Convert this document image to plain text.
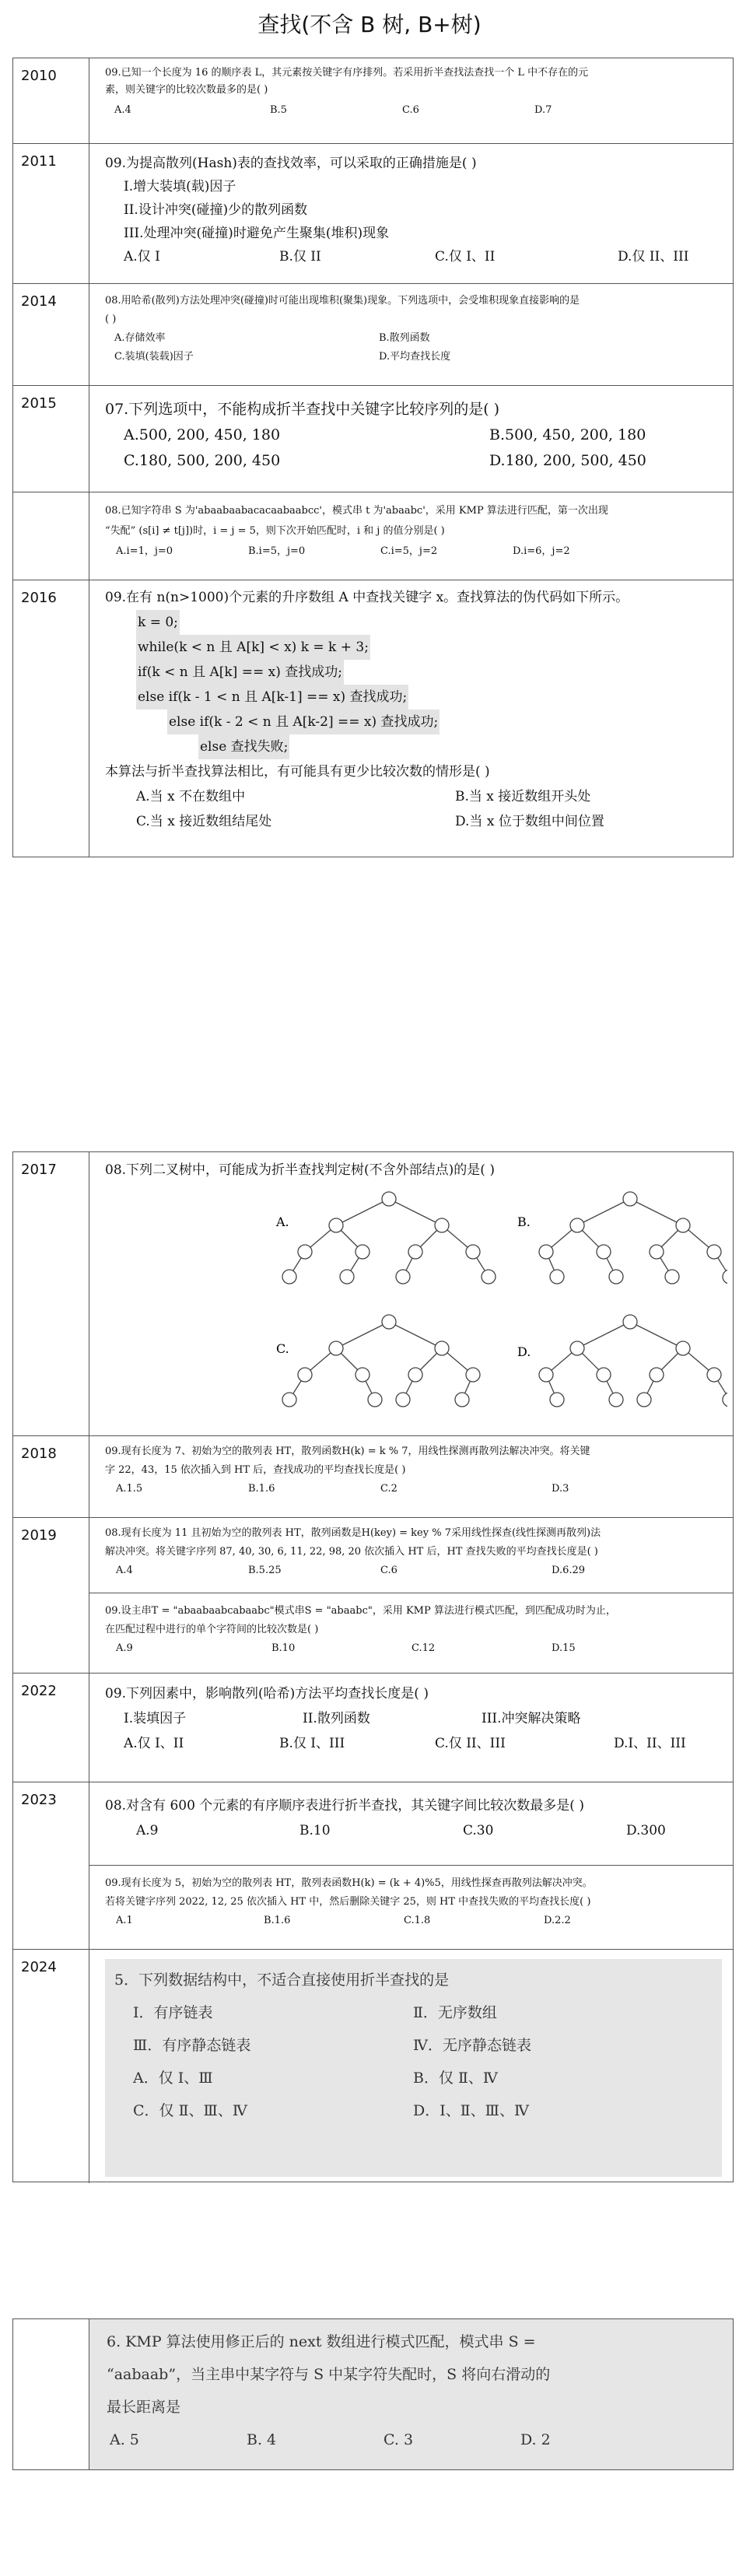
查找(不含 B 树, B+树)
2010	09.已知一个长度为 16 的顺序表 L，其元素按关键字有序排列。若采用折半查找法查找一个 L 中不存在的元
素，则关键字的比较次数最多的是( )
A.4	B.5	C.6	D.7
2011	09.为提高散列(Hash)表的查找效率，可以采取的正确措施是( )
I.增大装填(载)因子
II.设计冲突(碰撞)少的散列函数
III.处理冲突(碰撞)时避免产生聚集(堆积)现象
A.仅 I	B.仅 II	C.仅 I、II	D.仅 II、III
2014	08.用哈希(散列)方法处理冲突(碰撞)时可能出现堆积(聚集)现象。下列选项中，会受堆积现象直接影响的是
( )
A.存储效率	B.散列函数
C.装填(装载)因子	D.平均查找长度
2015	07.下列选项中，不能构成折半查找中关键字比较序列的是( )
A.500, 200, 450, 180	B.500, 450, 200, 180
C.180, 500, 200, 450	D.180, 200, 500, 450
08.已知字符串 S 为'abaabaabacacaabaabcc'，模式串 t 为'abaabc'，采用 KMP 算法进行匹配，第一次出现
“失配” (s[i] ≠ t[j])时，i = j = 5，则下次开始匹配时，i 和 j 的值分别是( )
A.i=1，j=0	B.i=5，j=0	C.i=5，j=2	D.i=6，j=2
2016	09.在有 n(n>1000)个元素的升序数组 A 中查找关键字 x。查找算法的伪代码如下所示。
k = 0;
while(k < n 且 A[k] < x) k = k + 3;
if(k < n 且 A[k] == x) 查找成功;
else if(k - 1 < n 且 A[k-1] == x) 查找成功;
else if(k - 2 < n 且 A[k-2] == x) 查找成功;
else 查找失败;
本算法与折半查找算法相比，有可能具有更少比较次数的情形是( )
A.当 x 不在数组中	B.当 x 接近数组开头处
C.当 x 接近数组结尾处	D.当 x 位于数组中间位置
2017	08.下列二叉树中，可能成为折半查找判定树(不含外部结点)的是( )
A.	B.
C.	D.
2018	09.现有长度为 7、初始为空的散列表 HT，散列函数H(k) = k % 7，用线性探测再散列法解决冲突。将关键
字 22，43，15 依次插入到 HT 后，查找成功的平均查找长度是( )
A.1.5	B.1.6	C.2	D.3
2019	08.现有长度为 11 且初始为空的散列表 HT，散列函数是H(key) = key % 7采用线性探查(线性探测再散列)法
解决冲突。将关键字序列 87, 40, 30, 6, 11, 22, 98, 20 依次插入 HT 后，HT 查找失败的平均查找长度是( )
A.4	B.5.25	C.6	D.6.29
09.设主串T = "abaabaabcabaabc"模式串S = "abaabc"，采用 KMP 算法进行模式匹配，到匹配成功时为止，
在匹配过程中进行的单个字符间的比较次数是( )
A.9	B.10	C.12	D.15
2022	09.下列因素中，影响散列(哈希)方法平均查找长度是( )
I.装填因子	II.散列函数	III.冲突解决策略
A.仅 I、II	B.仅 I、III	C.仅 II、III	D.I、II、III
2023	08.对含有 600 个元素的有序顺序表进行折半查找，其关键字间比较次数最多是( )
A.9	B.10	C.30	D.300
09.现有长度为 5，初始为空的散列表 HT，散列表函数H(k) = (k + 4)%5，用线性探查再散列法解决冲突。
若将关键字序列 2022, 12, 25 依次插入 HT 中，然后删除关键字 25，则 HT 中查找失败的平均查找长度( )
A.1	B.1.6	C.1.8	D.2.2
2024
5．下列数据结构中，不适合直接使用折半查找的是
Ⅰ．有序链表	Ⅱ．无序数组
Ⅲ．有序静态链表	Ⅳ．无序静态链表
A．仅 Ⅰ、Ⅲ	B．仅 Ⅱ、Ⅳ
C．仅 Ⅱ、Ⅲ、Ⅳ	D．Ⅰ、Ⅱ、Ⅲ、Ⅳ
6. KMP 算法使用修正后的 next 数组进行模式匹配，模式串 S =
“aabaab”，当主串中某字符与 S 中某字符失配时，S 将向右滑动的
最长距离是
A. 5	B. 4	C. 3	D. 2
